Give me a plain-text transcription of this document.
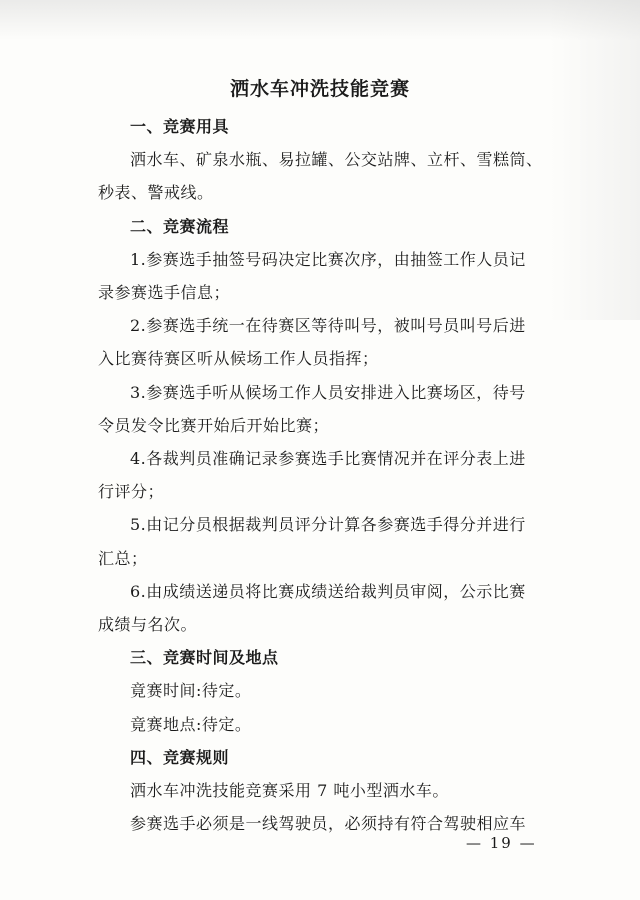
洒水车冲洗技能竞赛

一、竞赛用具

洒水车、矿泉水瓶、易拉罐、公交站牌、立杆、雪糕筒、

秒表、警戒线。

二、竞赛流程

1.参赛选手抽签号码决定比赛次序，由抽签工作人员记

录参赛选手信息；

2.参赛选手统一在待赛区等待叫号，被叫号员叫号后进

入比赛待赛区听从候场工作人员指挥；

3.参赛选手听从候场工作人员安排进入比赛场区，待号

令员发令比赛开始后开始比赛；

4.各裁判员准确记录参赛选手比赛情况并在评分表上进

行评分；

5.由记分员根据裁判员评分计算各参赛选手得分并进行

汇总；

6.由成绩送递员将比赛成绩送给裁判员审阅，公示比赛

成绩与名次。

三、竞赛时间及地点

竟赛时间:待定。

竟赛地点:待定。

四、竞赛规则

洒水车冲洗技能竞赛采用 7 吨小型洒水车。

参赛选手必须是一线驾驶员，必须持有符合驾驶相应车

— 19 —
